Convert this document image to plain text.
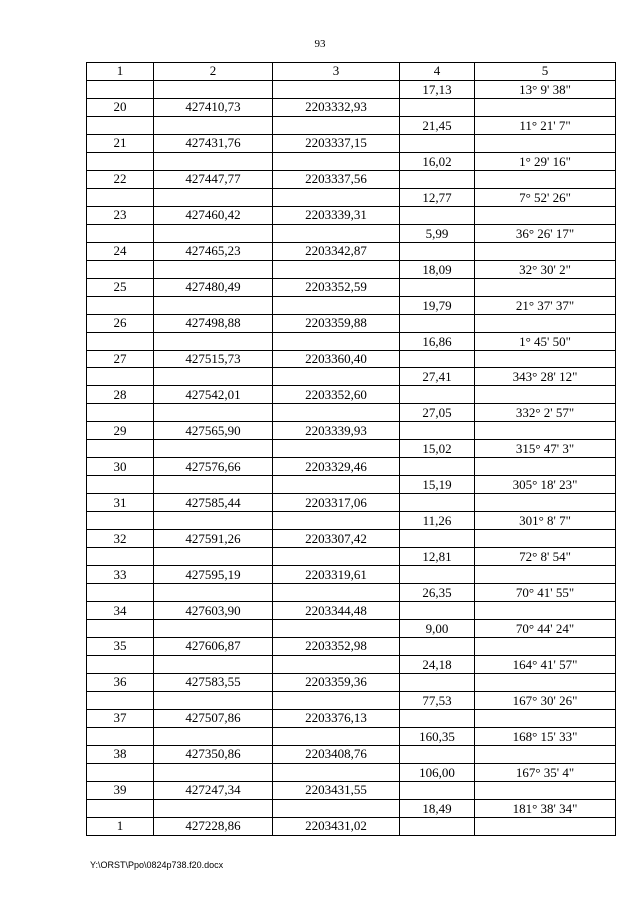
93
1	2	3	4	5
			17,13	13° 9' 38"
20	427410,73	2203332,93		
			21,45	11° 21' 7"
21	427431,76	2203337,15		
			16,02	1° 29' 16"
22	427447,77	2203337,56		
			12,77	7° 52' 26"
23	427460,42	2203339,31		
			5,99	36° 26' 17"
24	427465,23	2203342,87		
			18,09	32° 30' 2"
25	427480,49	2203352,59		
			19,79	21° 37' 37"
26	427498,88	2203359,88		
			16,86	1° 45' 50"
27	427515,73	2203360,40		
			27,41	343° 28' 12"
28	427542,01	2203352,60		
			27,05	332° 2' 57"
29	427565,90	2203339,93		
			15,02	315° 47' 3"
30	427576,66	2203329,46		
			15,19	305° 18' 23"
31	427585,44	2203317,06		
			11,26	301° 8' 7"
32	427591,26	2203307,42		
			12,81	72° 8' 54"
33	427595,19	2203319,61		
			26,35	70° 41' 55"
34	427603,90	2203344,48		
			9,00	70° 44' 24"
35	427606,87	2203352,98		
			24,18	164° 41' 57"
36	427583,55	2203359,36		
			77,53	167° 30' 26"
37	427507,86	2203376,13		
			160,35	168° 15' 33"
38	427350,86	2203408,76		
			106,00	167° 35' 4"
39	427247,34	2203431,55		
			18,49	181° 38' 34"
1	427228,86	2203431,02		
Y:\ORST\Ppo\0824p738.f20.docx
